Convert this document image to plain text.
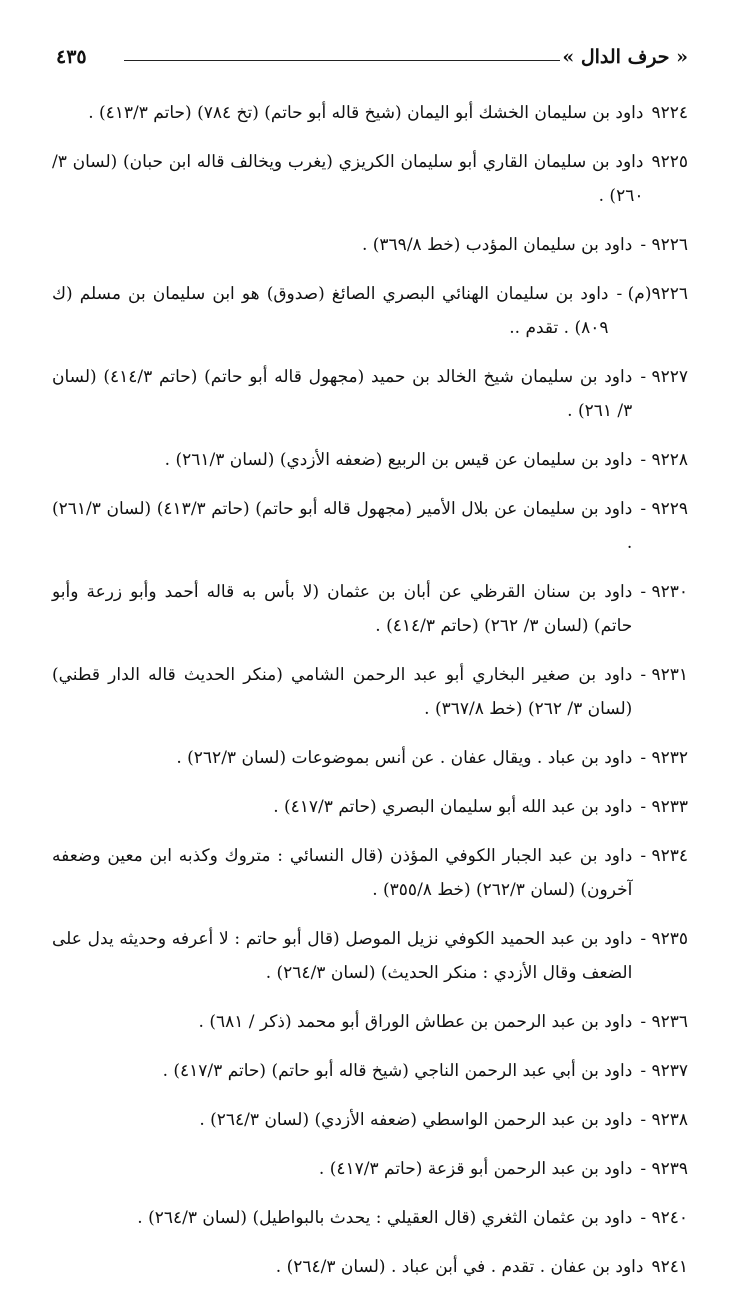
« حرف الدال »
٤٣٥
٩٢٢٤
داود بن سليمان الخشك أبو اليمان (شيخ قاله أبو حاتم) (تخ ٧٨٤) (حاتم ٤١٣/٣) .
٩٢٢٥
داود بن سليمان القاري أبو سليمان الكريزي (يغرب ويخالف قاله ابن حبان) (لسان ٣/ ٢٦٠) .
٩٢٢٦ -
داود بن سليمان المؤدب (خط ٣٦٩/٨) .
٩٢٢٦(م) -
داود بن سليمان الهنائي البصري الصائغ (صدوق) هو ابن سليمان بن مسلم (ك ٨٠٩) . تقدم ..
٩٢٢٧ -
داود بن سليمان شيخ الخالد بن حميد (مجهول قاله أبو حاتم) (حاتم ٤١٤/٣) (لسان ٣/ ٢٦١) .
٩٢٢٨ -
داود بن سليمان عن قيس بن الربيع (ضعفه الأزدي) (لسان ٢٦١/٣) .
٩٢٢٩ -
داود بن سليمان عن بلال الأمير (مجهول قاله أبو حاتم) (حاتم ٤١٣/٣) (لسان ٢٦١/٣) .
٩٢٣٠ -
داود بن سنان القرظي عن أبان بن عثمان (لا بأس به قاله أحمد وأبو زرعة وأبو حاتم) (لسان ٣/ ٢٦٢) (حاتم ٤١٤/٣) .
٩٢٣١ -
داود بن صغير البخاري أبو عبد الرحمن الشامي (منكر الحديث قاله الدار قطني) (لسان ٣/ ٢٦٢) (خط ٣٦٧/٨) .
٩٢٣٢ -
داود بن عباد . ويقال عفان . عن أنس بموضوعات (لسان ٢٦٢/٣) .
٩٢٣٣ -
داود بن عبد الله أبو سليمان البصري (حاتم ٤١٧/٣) .
٩٢٣٤ -
داود بن عبد الجبار الكوفي المؤذن (قال النسائي : متروك وكذبه ابن معين وضعفه آخرون) (لسان ٢٦٢/٣) (خط ٣٥٥/٨) .
٩٢٣٥ -
داود بن عبد الحميد الكوفي نزيل الموصل (قال أبو حاتم : لا أعرفه وحديثه يدل على الضعف وقال الأزدي : منكر الحديث) (لسان ٢٦٤/٣) .
٩٢٣٦ -
داود بن عبد الرحمن بن عطاش الوراق أبو محمد (ذكر / ٦٨١) .
٩٢٣٧ -
داود بن أبي عبد الرحمن الناجي (شيخ قاله أبو حاتم) (حاتم ٤١٧/٣) .
٩٢٣٨ -
داود بن عبد الرحمن الواسطي (ضعفه الأزدي) (لسان ٢٦٤/٣) .
٩٢٣٩ -
داود بن عبد الرحمن أبو قزعة (حاتم ٤١٧/٣) .
٩٢٤٠ -
داود بن عثمان الثغري (قال العقيلي : يحدث بالبواطيل) (لسان ٢٦٤/٣) .
٩٢٤١
داود بن عفان . تقدم . في أبن عباد . (لسان ٢٦٤/٣) .
